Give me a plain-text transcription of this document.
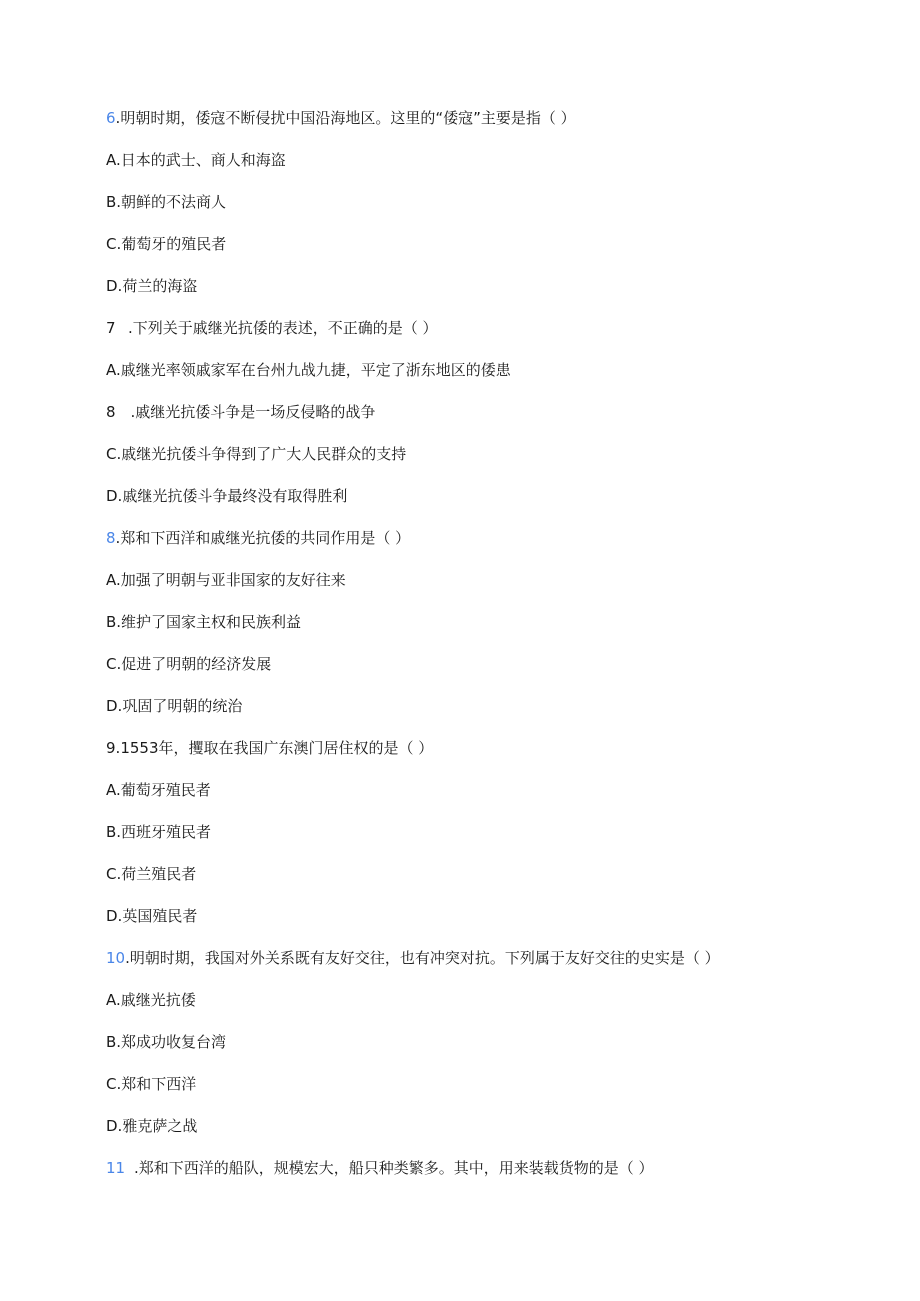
6.明朝时期，倭寇不断侵扰中国沿海地区。这里的“倭寇”主要是指（ ）
A.日本的武士、商人和海盗
B.朝鲜的不法商人
C.葡萄牙的殖民者
D.荷兰的海盗
7 .下列关于戚继光抗倭的表述，不正确的是（ ）
A.戚继光率领戚家军在台州九战九捷，平定了浙东地区的倭患
8　.戚继光抗倭斗争是一场反侵略的战争
C.戚继光抗倭斗争得到了广大人民群众的支持
D.戚继光抗倭斗争最终没有取得胜利
8.郑和下西洋和戚继光抗倭的共同作用是（ ）
A.加强了明朝与亚非国家的友好往来
B.维护了国家主权和民族利益
C.促进了明朝的经济发展
D.巩固了明朝的统治
9.1553年，攫取在我国广东澳门居住权的是（ ）
A.葡萄牙殖民者
B.西班牙殖民者
C.荷兰殖民者
D.英国殖民者
10.明朝时期，我国对外关系既有友好交往，也有冲突对抗。下列属于友好交往的史实是（ ）
A.戚继光抗倭
B.郑成功收复台湾
C.郑和下西洋
D.雅克萨之战
11 .郑和下西洋的船队，规模宏大，船只种类繁多。其中，用来装载货物的是（ ）
